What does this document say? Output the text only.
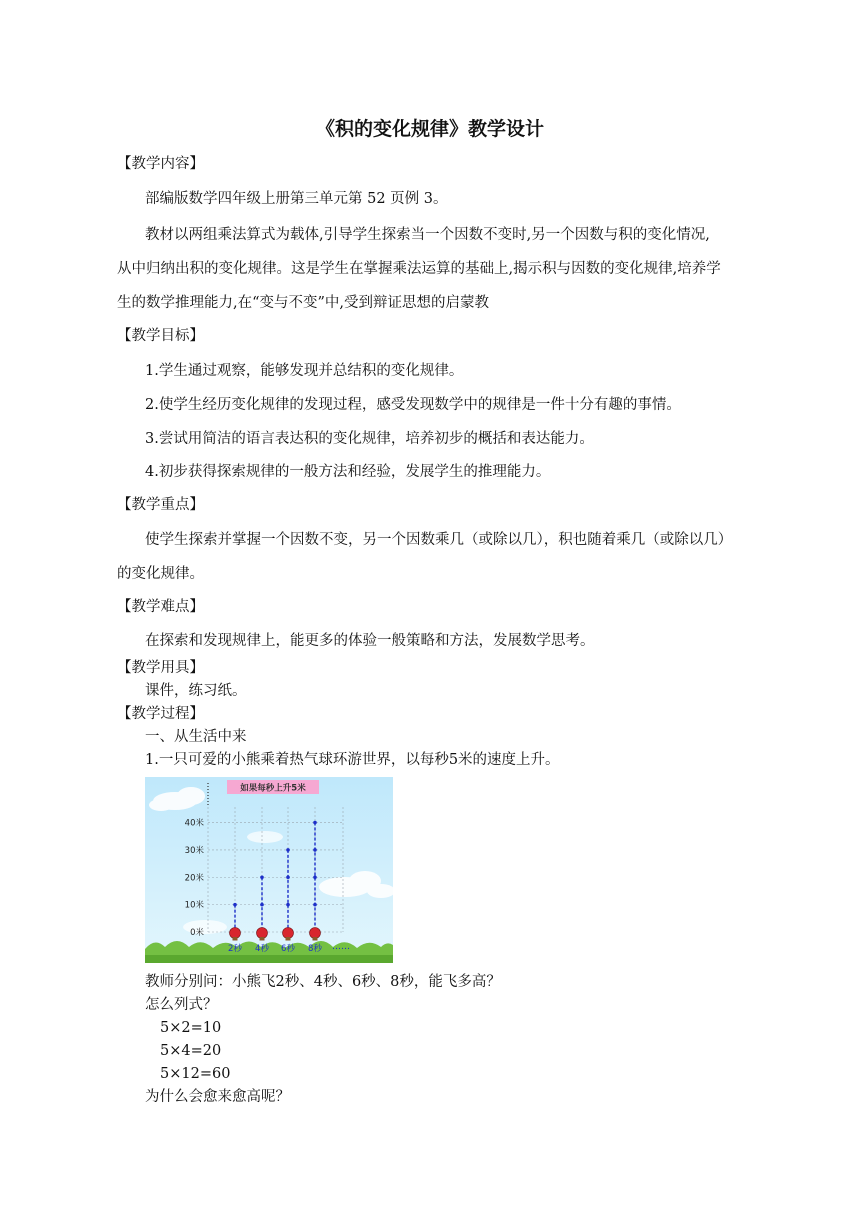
《积的变化规律》教学设计
【教学内容】
部编版数学四年级上册第三单元第 52 页例 3。
教材以两组乘法算式为载体,引导学生探索当一个因数不变时,另一个因数与积的变化情况,
从中归纳出积的变化规律。这是学生在掌握乘法运算的基础上,揭示积与因数的变化规律,培养学
生的数学推理能力,在“变与不变”中,受到辩证思想的启蒙教
【教学目标】
1.学生通过观察，能够发现并总结积的变化规律。
2.使学生经历变化规律的发现过程，感受发现数学中的规律是一件十分有趣的事情。
3.尝试用简洁的语言表达积的变化规律，培养初步的概括和表达能力。
4.初步获得探索规律的一般方法和经验，发展学生的推理能力。
【教学重点】
使学生探索并掌握一个因数不变，另一个因数乘几（或除以几），积也随着乘几（或除以几）
的变化规律。
【教学难点】
在探索和发现规律上，能更多的体验一般策略和方法，发展数学思考。
【教学用具】
课件，练习纸。
【教学过程】
一、从生活中来
1.一只可爱的小熊乘着热气球环游世界，以每秒5米的速度上升。
如果每秒上升5米
40米
30米
20米
10米
0米
2秒 4秒 6秒 8秒 ……
教师分别问：小熊飞2秒、4秒、6秒、8秒，能飞多高？
怎么列式？
5×2=10
5×4=20
5×12=60
为什么会愈来愈高呢？
